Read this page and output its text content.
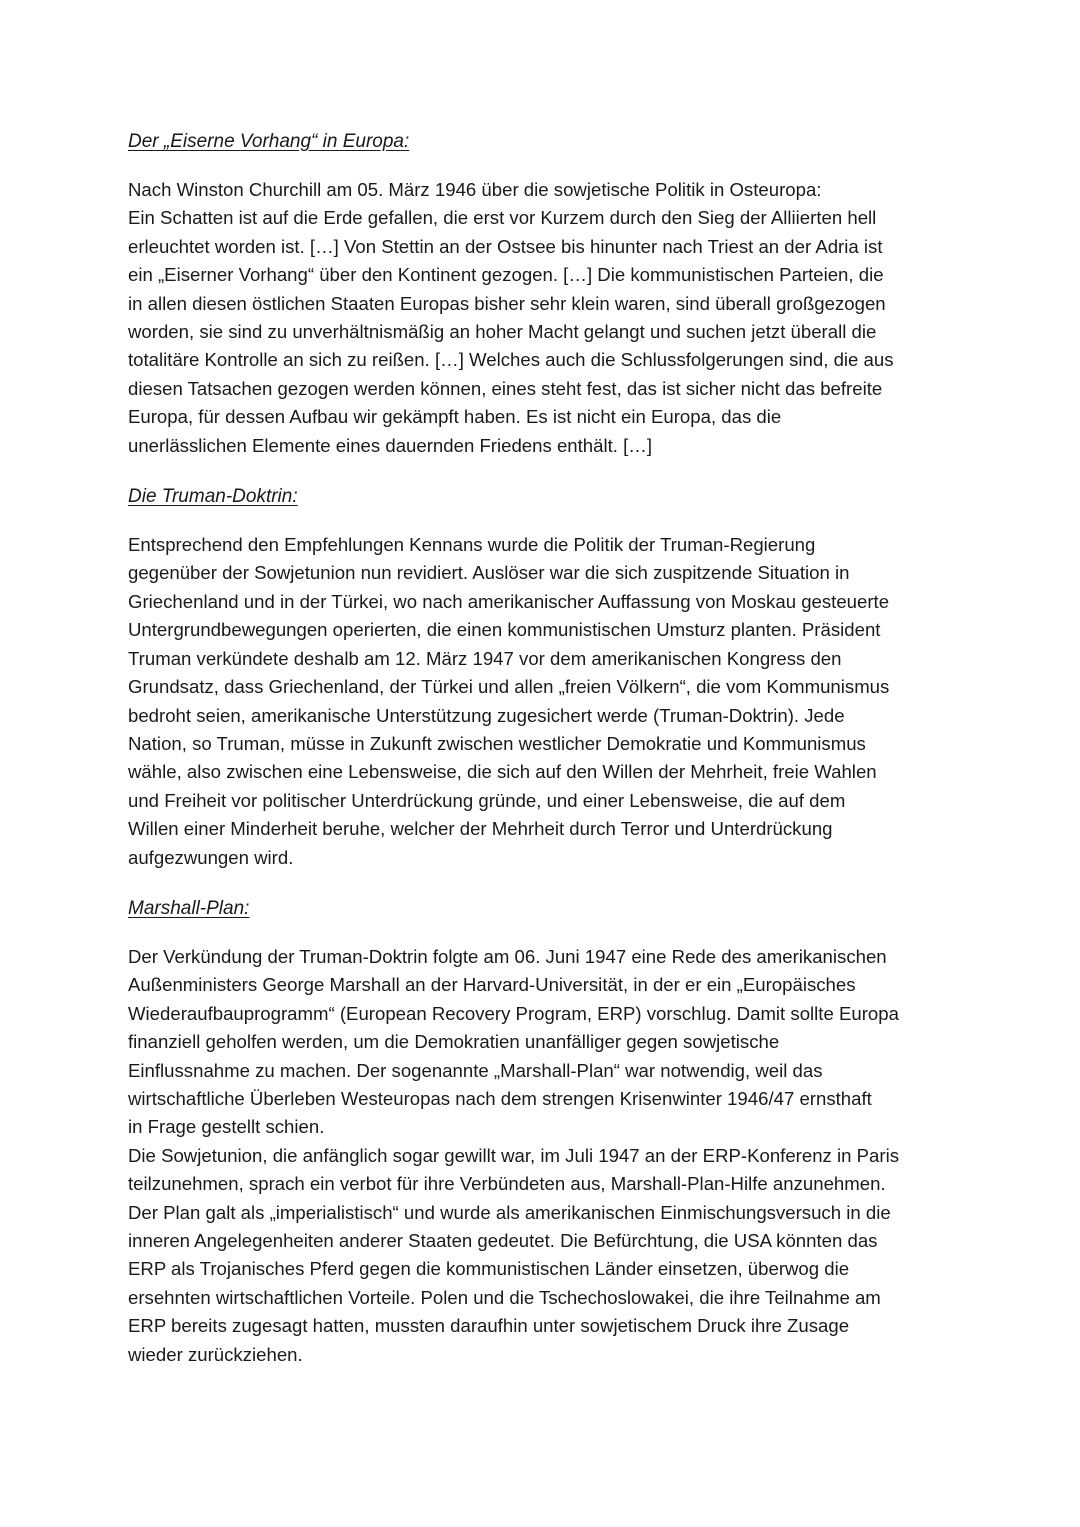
Der „Eiserne Vorhang“ in Europa:

Nach Winston Churchill am 05. März 1946 über die sowjetische Politik in Osteuropa:
Ein Schatten ist auf die Erde gefallen, die erst vor Kurzem durch den Sieg der Alliierten hell
erleuchtet worden ist. […] Von Stettin an der Ostsee bis hinunter nach Triest an der Adria ist
ein „Eiserner Vorhang“ über den Kontinent gezogen. […] Die kommunistischen Parteien, die
in allen diesen östlichen Staaten Europas bisher sehr klein waren, sind überall großgezogen
worden, sie sind zu unverhältnismäßig an hoher Macht gelangt und suchen jetzt überall die
totalitäre Kontrolle an sich zu reißen. […] Welches auch die Schlussfolgerungen sind, die aus
diesen Tatsachen gezogen werden können, eines steht fest, das ist sicher nicht das befreite
Europa, für dessen Aufbau wir gekämpft haben. Es ist nicht ein Europa, das die
unerlässlichen Elemente eines dauernden Friedens enthält. […]

Die Truman-Doktrin:

Entsprechend den Empfehlungen Kennans wurde die Politik der Truman-Regierung
gegenüber der Sowjetunion nun revidiert. Auslöser war die sich zuspitzende Situation in
Griechenland und in der Türkei, wo nach amerikanischer Auffassung von Moskau gesteuerte
Untergrundbewegungen operierten, die einen kommunistischen Umsturz planten. Präsident
Truman verkündete deshalb am 12. März 1947 vor dem amerikanischen Kongress den
Grundsatz, dass Griechenland, der Türkei und allen „freien Völkern“, die vom Kommunismus
bedroht seien, amerikanische Unterstützung zugesichert werde (Truman-Doktrin). Jede
Nation, so Truman, müsse in Zukunft zwischen westlicher Demokratie und Kommunismus
wähle, also zwischen eine Lebensweise, die sich auf den Willen der Mehrheit, freie Wahlen
und Freiheit vor politischer Unterdrückung gründe, und einer Lebensweise, die auf dem
Willen einer Minderheit beruhe, welcher der Mehrheit durch Terror und Unterdrückung
aufgezwungen wird.

Marshall-Plan:

Der Verkündung der Truman-Doktrin folgte am 06. Juni 1947 eine Rede des amerikanischen
Außenministers George Marshall an der Harvard-Universität, in der er ein „Europäisches
Wiederaufbauprogramm“ (European Recovery Program, ERP) vorschlug. Damit sollte Europa
finanziell geholfen werden, um die Demokratien unanfälliger gegen sowjetische
Einflussnahme zu machen. Der sogenannte „Marshall-Plan“ war notwendig, weil das
wirtschaftliche Überleben Westeuropas nach dem strengen Krisenwinter 1946/47 ernsthaft
in Frage gestellt schien.
Die Sowjetunion, die anfänglich sogar gewillt war, im Juli 1947 an der ERP-Konferenz in Paris
teilzunehmen, sprach ein verbot für ihre Verbündeten aus, Marshall-Plan-Hilfe anzunehmen.
Der Plan galt als „imperialistisch“ und wurde als amerikanischen Einmischungsversuch in die
inneren Angelegenheiten anderer Staaten gedeutet. Die Befürchtung, die USA könnten das
ERP als Trojanisches Pferd gegen die kommunistischen Länder einsetzen, überwog die
ersehnten wirtschaftlichen Vorteile. Polen und die Tschechoslowakei, die ihre Teilnahme am
ERP bereits zugesagt hatten, mussten daraufhin unter sowjetischem Druck ihre Zusage
wieder zurückziehen.
